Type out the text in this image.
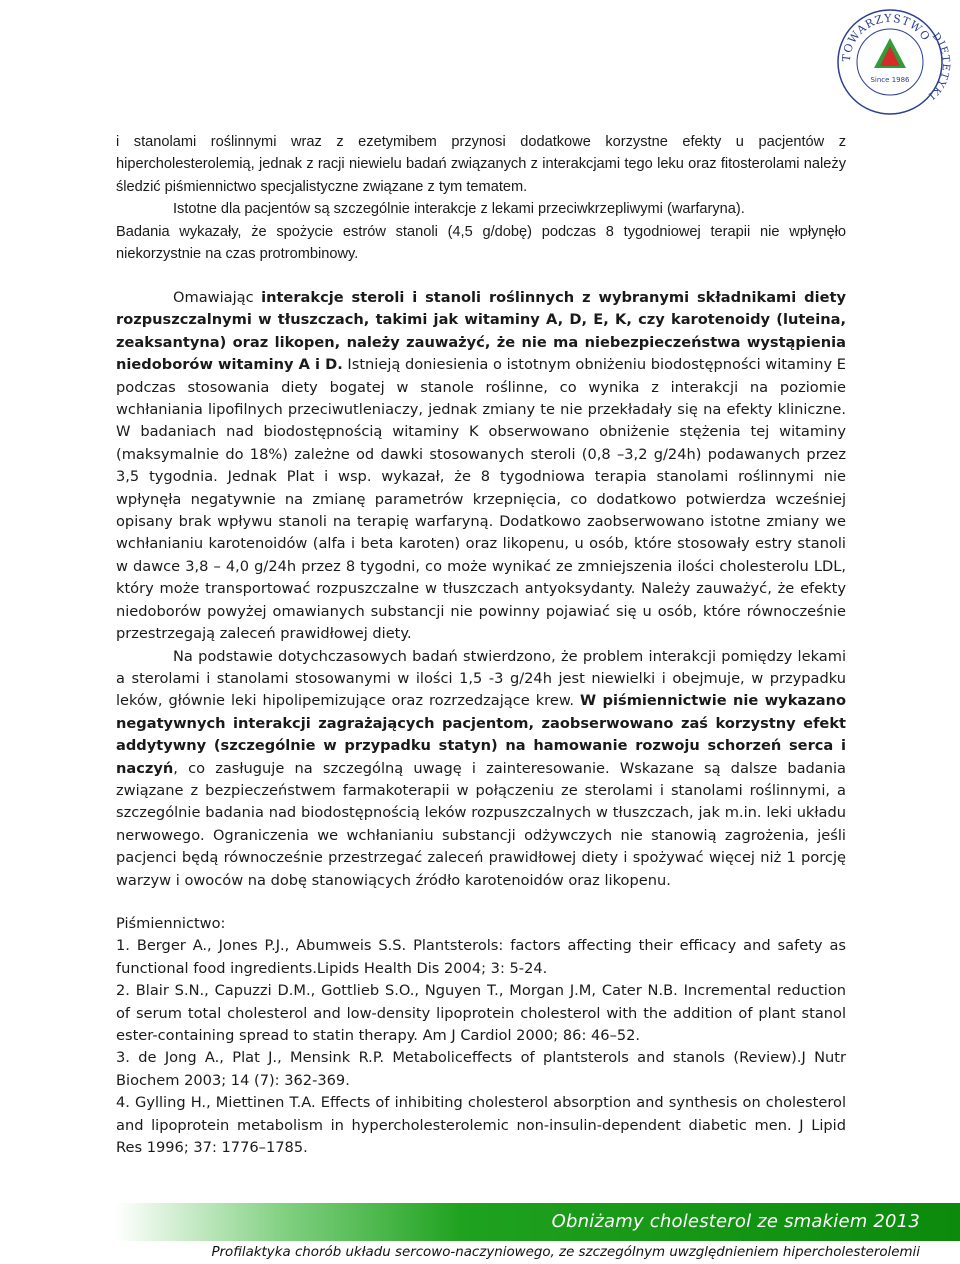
TOWARZYSTWO
DIETETYKI
Since 1986

i stanolami roślinnymi wraz z ezetymibem przynosi dodatkowe korzystne efekty u pacjentów z hipercholesterolemią, jednak z racji niewielu badań związanych z interakcjami tego leku oraz fitosterolami należy śledzić piśmiennictwo specjalistyczne związane z tym tematem.

Istotne dla pacjentów są szczególnie interakcje z lekami przeciwkrzepliwymi (warfaryna).

Badania wykazały, że spożycie estrów stanoli (4,5 g/dobę) podczas 8 tygodniowej terapii nie wpłynęło niekorzystnie na czas protrombinowy.

Omawiając interakcje steroli i stanoli roślinnych z wybranymi składnikami diety rozpuszczalnymi w tłuszczach, takimi jak witaminy A, D, E, K, czy karotenoidy (luteina, zeaksantyna) oraz likopen, należy zauważyć, że nie ma niebezpieczeństwa wystąpienia niedoborów witaminy A i D. Istnieją doniesienia o istotnym obniżeniu biodostępności witaminy E podczas stosowania diety bogatej w stanole roślinne, co wynika z interakcji na poziomie wchłaniania lipofilnych przeciwutleniaczy, jednak zmiany te nie przekładały się na efekty kliniczne. W badaniach nad biodostępnością witaminy K obserwowano obniżenie stężenia tej witaminy (maksymalnie do 18%) zależne od dawki stosowanych steroli (0,8 –3,2 g/24h) podawanych przez 3,5 tygodnia. Jednak Plat i wsp. wykazał, że 8 tygodniowa terapia stanolami roślinnymi nie wpłynęła negatywnie na zmianę parametrów krzepnięcia, co dodatkowo potwierdza wcześniej opisany brak wpływu stanoli na terapię warfaryną. Dodatkowo zaobserwowano istotne zmiany we wchłanianiu karotenoidów (alfa i beta karoten) oraz likopenu, u osób, które stosowały estry stanoli w dawce 3,8 – 4,0 g/24h przez 8 tygodni, co może wynikać ze zmniejszenia ilości cholesterolu LDL, który może transportować rozpuszczalne w tłuszczach antyoksydanty. Należy zauważyć, że efekty niedoborów powyżej omawianych substancji nie powinny pojawiać się u osób, które równocześnie przestrzegają zaleceń prawidłowej diety.

Na podstawie dotychczasowych badań stwierdzono, że problem interakcji pomiędzy lekami a sterolami i stanolami stosowanymi w ilości 1,5 -3 g/24h jest niewielki i obejmuje, w przypadku leków, głównie leki hipolipemizujące oraz rozrzedzające krew. W piśmiennictwie nie wykazano negatywnych interakcji zagrażających pacjentom, zaobserwowano zaś korzystny efekt addytywny (szczególnie w przypadku statyn) na hamowanie rozwoju schorzeń serca i naczyń, co zasługuje na szczególną uwagę i zainteresowanie. Wskazane są dalsze badania związane z bezpieczeństwem farmakoterapii w połączeniu ze sterolami i stanolami roślinnymi, a szczególnie badania nad biodostępnością leków rozpuszczalnych w tłuszczach, jak m.in. leki układu nerwowego. Ograniczenia we wchłanianiu substancji odżywczych nie stanowią zagrożenia, jeśli pacjenci będą równocześnie przestrzegać zaleceń prawidłowej diety i spożywać więcej niż 1 porcję warzyw i owoców na dobę stanowiących źródło karotenoidów oraz likopenu.

Piśmiennictwo:

1. Berger A., Jones P.J., Abumweis S.S. Plantsterols: factors affecting their efficacy and safety as functional food ingredients.Lipids Health Dis 2004; 3: 5-24.

2. Blair S.N., Capuzzi D.M., Gottlieb S.O., Nguyen T., Morgan J.M, Cater N.B. Incremental reduction of serum total cholesterol and low-density lipoprotein cholesterol with the addition of plant stanol ester-containing spread to statin therapy. Am J Cardiol 2000; 86: 46–52.

3. de Jong A., Plat J., Mensink R.P. Metaboliceffects of plantsterols and stanols (Review).J Nutr Biochem 2003; 14 (7): 362-369.

4. Gylling H., Miettinen T.A. Effects of inhibiting cholesterol absorption and synthesis on cholesterol and lipoprotein metabolism in hypercholesterolemic non-insulin-dependent diabetic men. J Lipid Res 1996; 37: 1776–1785.

Obniżamy cholesterol ze smakiem 2013
Profilaktyka chorób układu sercowo-naczyniowego, ze szczególnym uwzględnieniem hipercholesterolemii
